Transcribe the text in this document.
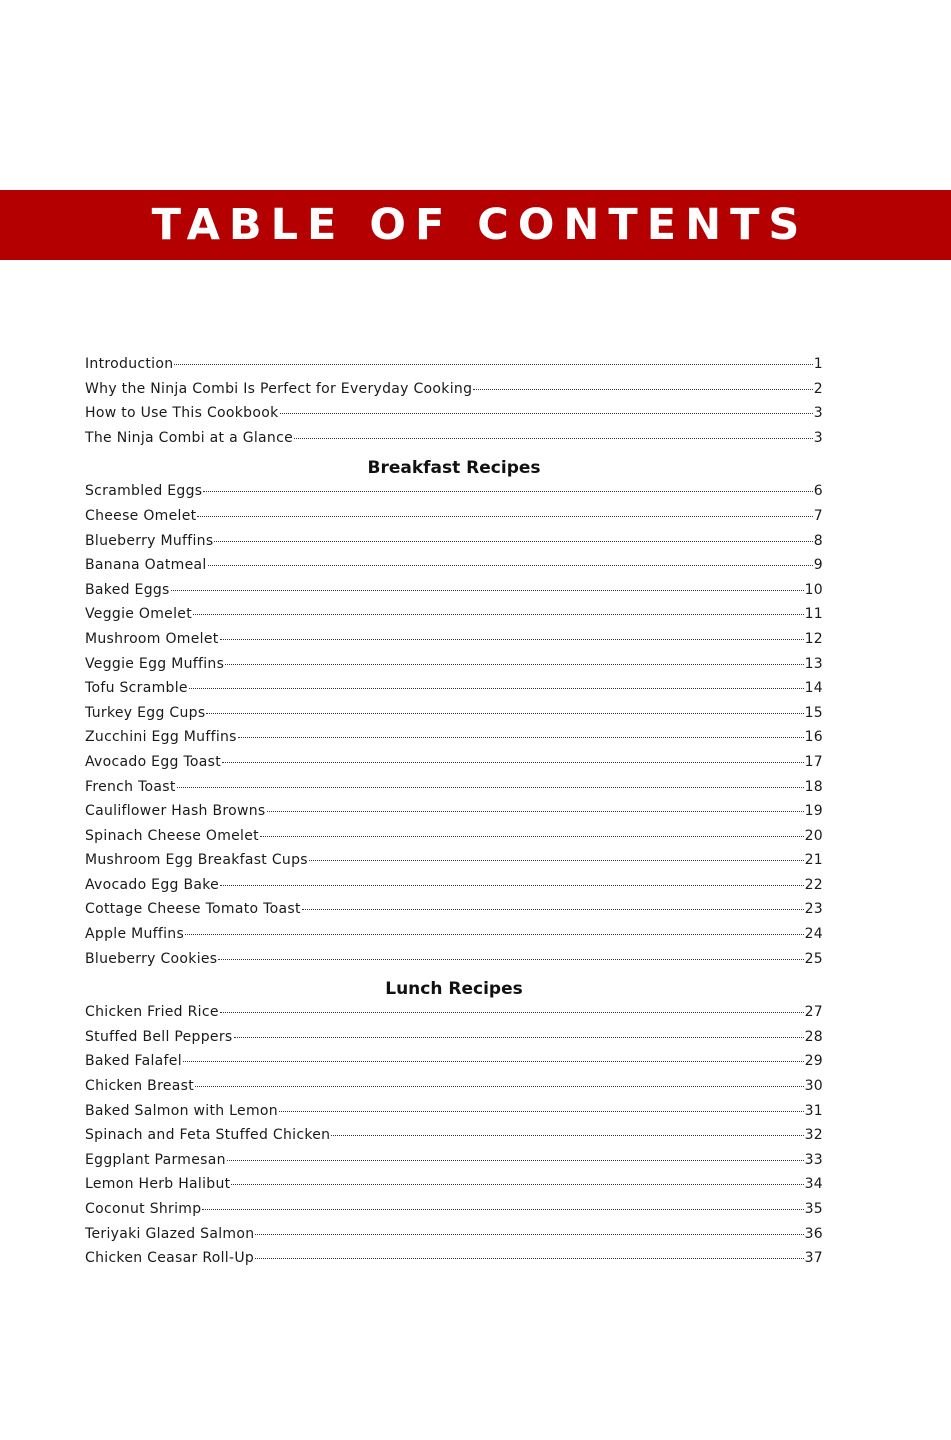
TABLE OF CONTENTS
Introduction	1
Why the Ninja Combi Is Perfect for Everyday Cooking	2
How to Use This Cookbook	3
The Ninja Combi at a Glance	3
Breakfast Recipes
Scrambled Eggs	6
Cheese Omelet	7
Blueberry Muffins	8
Banana Oatmeal	9
Baked Eggs	10
Veggie Omelet	11
Mushroom Omelet	12
Veggie Egg Muffins	13
Tofu Scramble	14
Turkey Egg Cups	15
Zucchini Egg Muffins	16
Avocado Egg Toast	17
French Toast	18
Cauliflower Hash Browns	19
Spinach Cheese Omelet	20
Mushroom Egg Breakfast Cups	21
Avocado Egg Bake	22
Cottage Cheese Tomato Toast	23
Apple Muffins	24
Blueberry Cookies	25
Lunch Recipes
Chicken Fried Rice	27
Stuffed Bell Peppers	28
Baked Falafel	29
Chicken Breast	30
Baked Salmon with Lemon	31
Spinach and Feta Stuffed Chicken	32
Eggplant Parmesan	33
Lemon Herb Halibut	34
Coconut Shrimp	35
Teriyaki Glazed Salmon	36
Chicken Ceasar Roll-Up	37
